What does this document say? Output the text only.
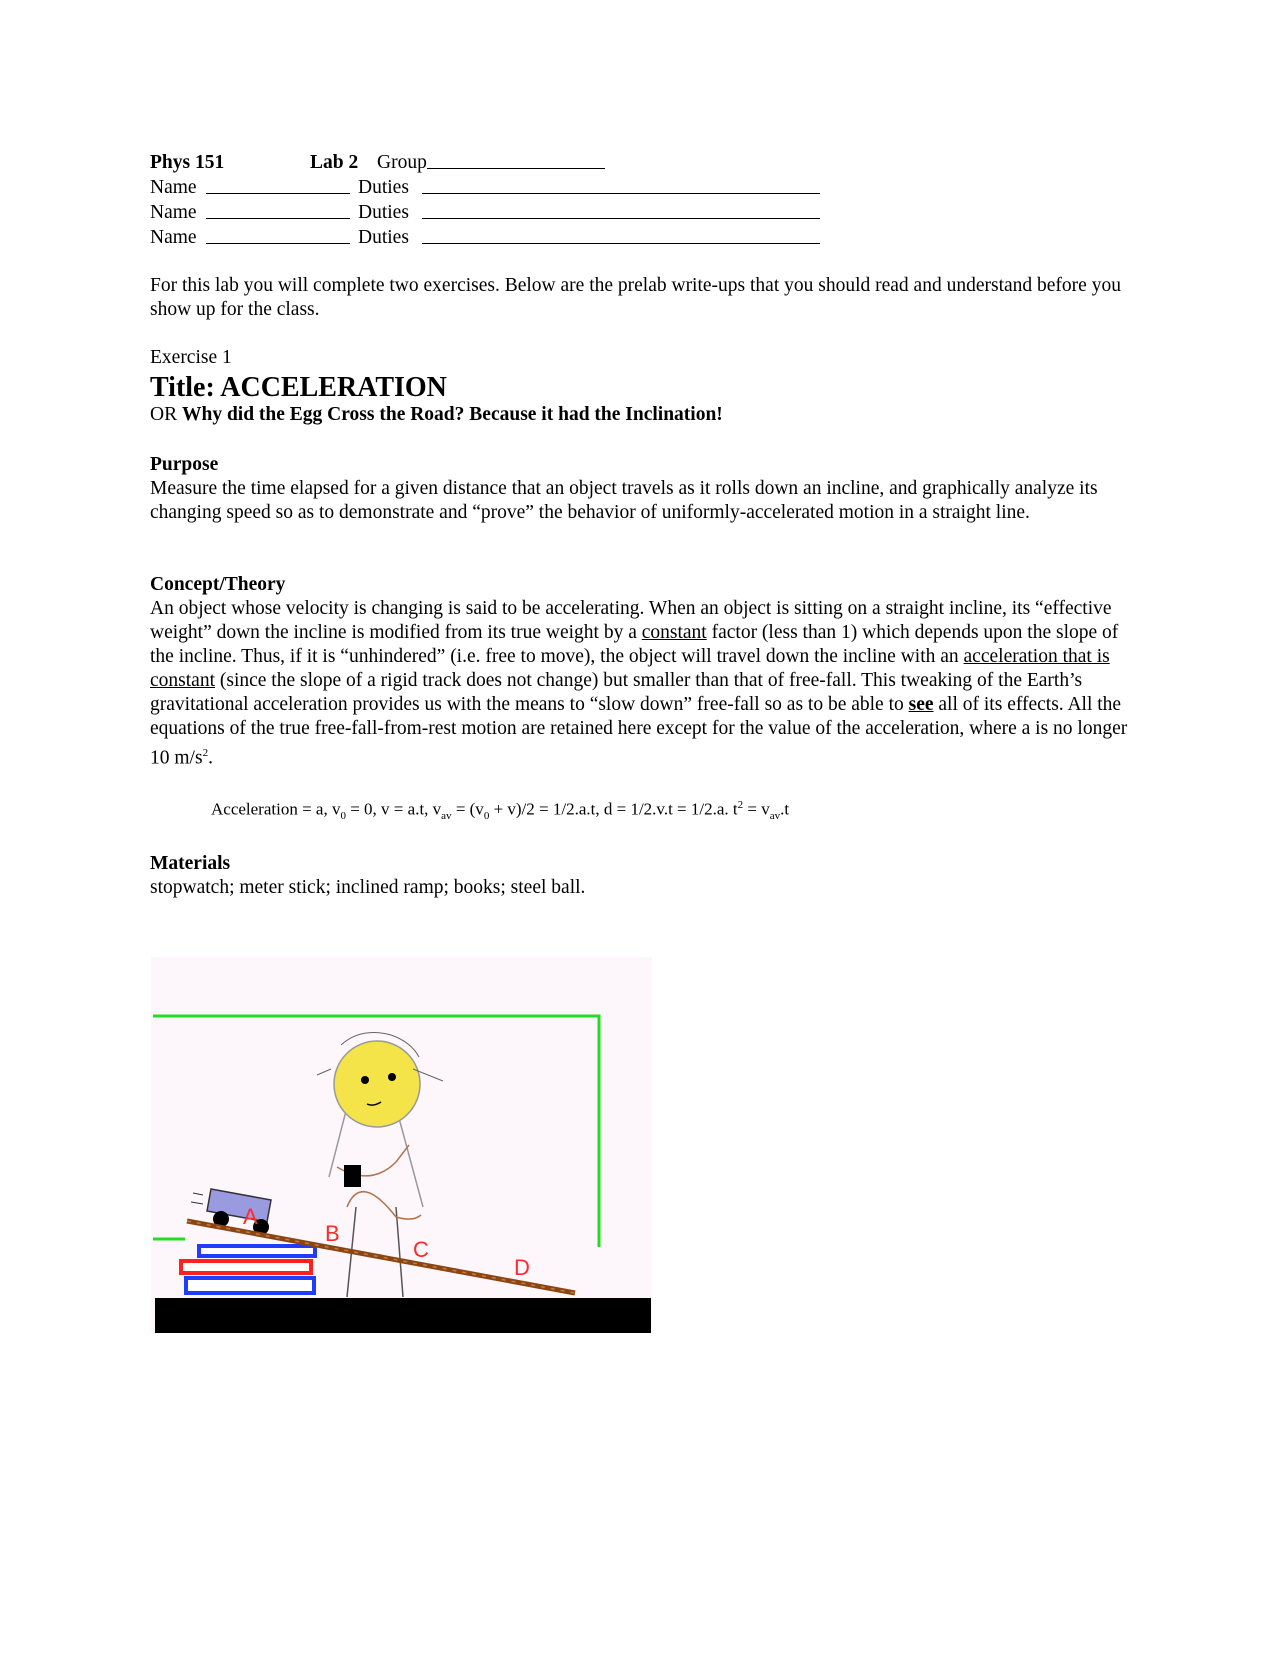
Phys 151	Lab 2 Group
Name	Duties
Name	Duties
Name	Duties
For this lab you will complete two exercises. Below are the prelab write-ups that you should read and understand before you show up for the class.
Exercise 1
Title: ACCELERATION
OR Why did the Egg Cross the Road? Because it had the Inclination!
Purpose
Measure the time elapsed for a given distance that an object travels as it rolls down an incline, and graphically analyze its changing speed so as to demonstrate and “prove” the behavior of uniformly-accelerated motion in a straight line.
Concept/Theory
An object whose velocity is changing is said to be accelerating. When an object is sitting on a straight incline, its “effective weight” down the incline is modified from its true weight by a constant factor (less than 1) which depends upon the slope of the incline. Thus, if it is “unhindered” (i.e. free to move), the object will travel down the incline with an acceleration that is constant (since the slope of a rigid track does not change) but smaller than that of free-fall. This tweaking of the Earth’s gravitational acceleration provides us with the means to “slow down” free-fall so as to be able to see all of its effects. All the equations of the true free-fall-from-rest motion are retained here except for the value of the acceleration, where a is no longer 10 $m/s^2$.
Acceleration = a, $v_0 = 0$, v = a.t, $v_{av} = (v_0 + v)/2 = 1/2.a.t$, d = 1/2.v.t = 1/2.a. $t^2 = v_{av}.t$
Materials
stopwatch; meter stick; inclined ramp; books; steel ball.
A
B
C
D
